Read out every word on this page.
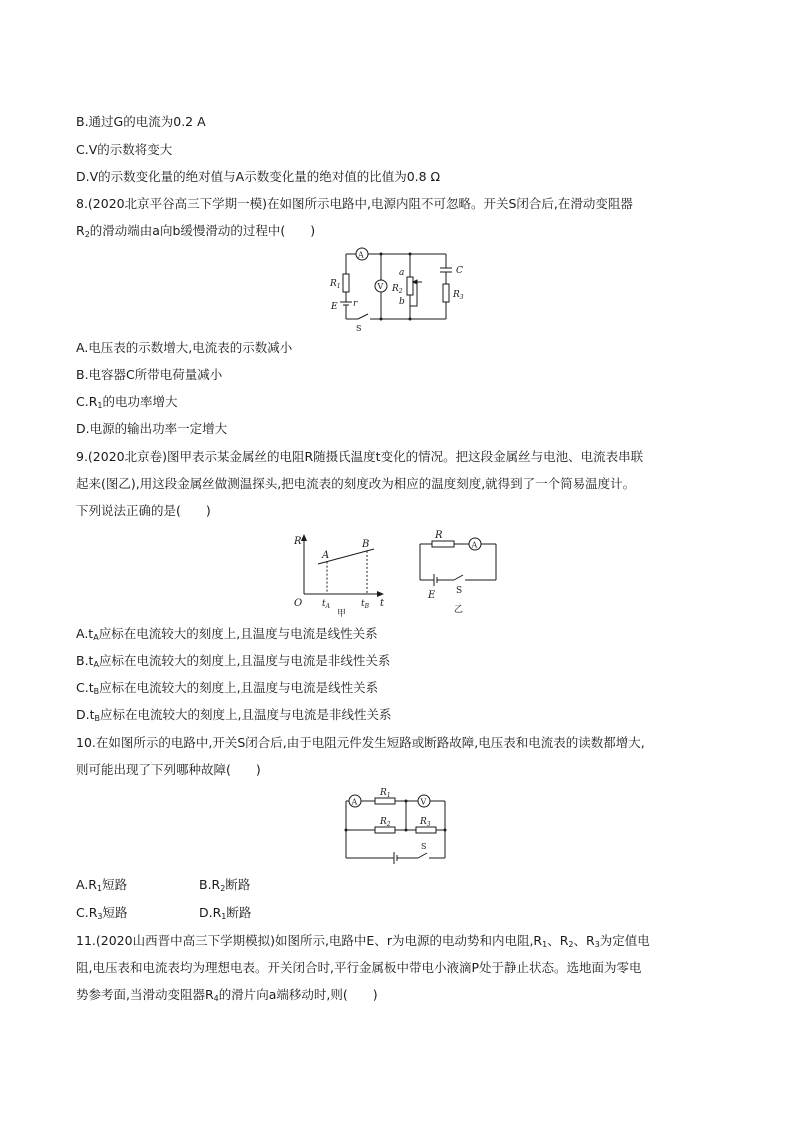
B.通过G的电流为0.2 A
C.V的示数将变大
D.V的示数变化量的绝对值与A示数变化量的绝对值的比值为0.8 Ω
8.(2020北京平谷高三下学期一模)在如图所示电路中,电源内阻不可忽略。开关S闭合后,在滑动变阻器
$R_2$的滑动端由a向b缓慢滑动的过程中(　　)
A
V
$R_1$
E r
S
a
b
$R_2$
C
$R_3$
A.电压表的示数增大,电流表的示数减小
B.电容器C所带电荷量减小
$C.R_1$的电功率增大
D.电源的输出功率一定增大
9.(2020北京卷)图甲表示某金属丝的电阻R随摄氏温度t变化的情况。把这段金属丝与电池、电流表串联
起来(图乙),用这段金属丝做测温探头,把电流表的刻度改为相应的温度刻度,就得到了一个简易温度计。
下列说法正确的是(　　)
R
t
O
A
B
$t_A$	$t_B$
甲
R
A
E S
乙
$A.t_A$应标在电流较大的刻度上,且温度与电流是线性关系
$B.t_A$应标在电流较大的刻度上,且温度与电流是非线性关系
$C.t_B$应标在电流较大的刻度上,且温度与电流是线性关系
$D.t_B$应标在电流较大的刻度上,且温度与电流是非线性关系
10.在如图所示的电路中,开关S闭合后,由于电阻元件发生短路或断路故障,电压表和电流表的读数都增大,
则可能出现了下列哪种故障(　　)
A	V
$R_1$
$R_2$	$R_3$
S
$A.R_1$短路	$B.R_2$断路
$C.R_3$短路	$D.R_1$断路
11.(2020山西晋中高三下学期模拟)如图所示,电路中E、r为电源的电动势和内电阻$,R_1$、$R_2$、$R_3$为定值电
阻,电压表和电流表均为理想电表。开关闭合时,平行金属板中带电小液滴P处于静止状态。选地面为零电
势参考面,当滑动变阻器$R_4$的滑片向a端移动时,则(　　)
